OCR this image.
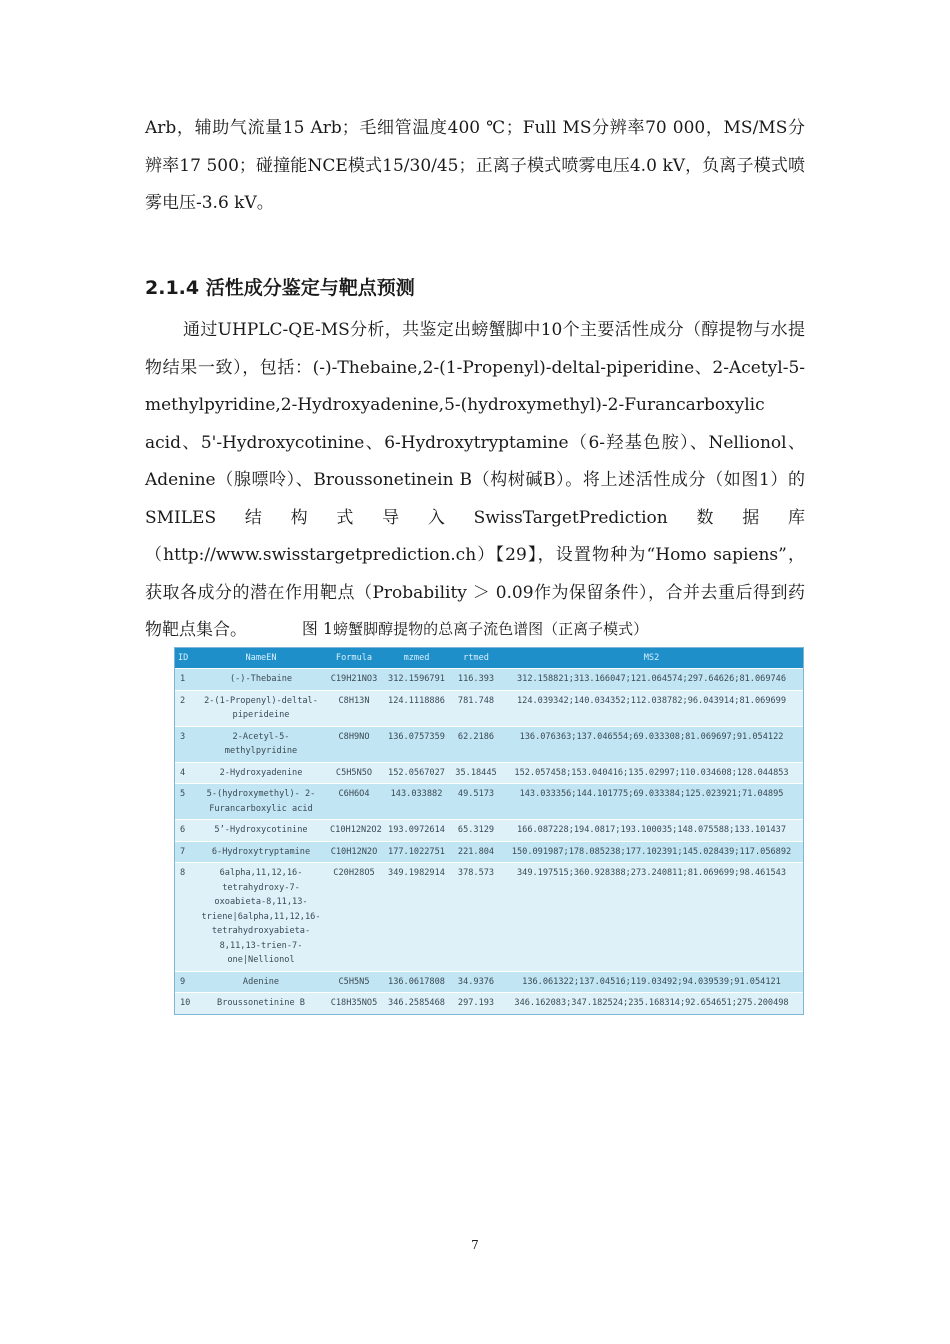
Arb，辅助气流量15 Arb；毛细管温度400 ℃；Full MS分辨率70 000，MS/MS分辨率17 500；碰撞能NCE模式15/30/45；正离子模式喷雾电压4.0 kV，负离子模式喷雾电压-3.6 kV。

2.1.4 活性成分鉴定与靶点预测

通过UHPLC-QE-MS分析，共鉴定出螃蟹脚中10个主要活性成分（醇提物与水提物结果一致），包括：(-)-Thebaine,2-(1-Propenyl)-deltal-piperidine、2-Acetyl-5-methylpyridine,2-Hydroxyadenine,5-(hydroxymethyl)-2-Furancarboxylic acid、5'-Hydroxycotinine、6-Hydroxytryptamine（6-羟基色胺）、Nellionol、Adenine（腺嘌呤）、Broussonetinein B（构树碱B）。将上述活性成分（如图1）的SMILES结构式导入SwissTargetPrediction数据库（http://www.swisstargetprediction.ch）【29】，设置物种为“Homo sapiens”，获取各成分的潜在作用靶点（Probability ＞ 0.09作为保留条件），合并去重后得到药物靶点集合。	图 1螃蟹脚醇提物的总离子流色谱图（正离子模式）
ID	NameEN	Formula	mzmed	rtmed	MS2
1	(-)-Thebaine	C19H21NO3	312.1596791	116.393	312.158821;313.166047;121.064574;297.64626;81.069746
2	2-(1-Propenyl)-deltal-piperideine	C8H13N	124.1118886	781.748	124.039342;140.034352;112.038782;96.043914;81.069699
3	2-Acetyl-5-methylpyridine	C8H9NO	136.0757359	62.2186	136.076363;137.046554;69.033308;81.069697;91.054122
4	2-Hydroxyadenine	C5H5N5O	152.0567027	35.18445	152.057458;153.040416;135.02997;110.034608;128.044853
5	5-(hydroxymethyl)- 2-Furancarboxylic acid	C6H6O4	143.033882	49.5173	143.033356;144.101775;69.033384;125.023921;71.04895
6	5’-Hydroxycotinine	C10H12N2O2	193.0972614	65.3129	166.087228;194.0817;193.100035;148.075588;133.101437
7	6-Hydroxytryptamine	C10H12N2O	177.1022751	221.804	150.091987;178.085238;177.102391;145.028439;117.056892
8	6alpha,11,12,16-tetrahydroxy-7-oxoabieta-8,11,13-triene|6alpha,11,12,16-tetrahydroxyabieta-8,11,13-trien-7-one|Nellionol	C20H28O5	349.1982914	378.573	349.197515;360.928388;273.240811;81.069699;98.461543
9	Adenine	C5H5N5	136.0617808	34.9376	136.061322;137.04516;119.03492;94.039539;91.054121
10	Broussonetinine B	C18H35NO5	346.2585468	297.193	346.162083;347.182524;235.168314;92.654651;275.200498
7
